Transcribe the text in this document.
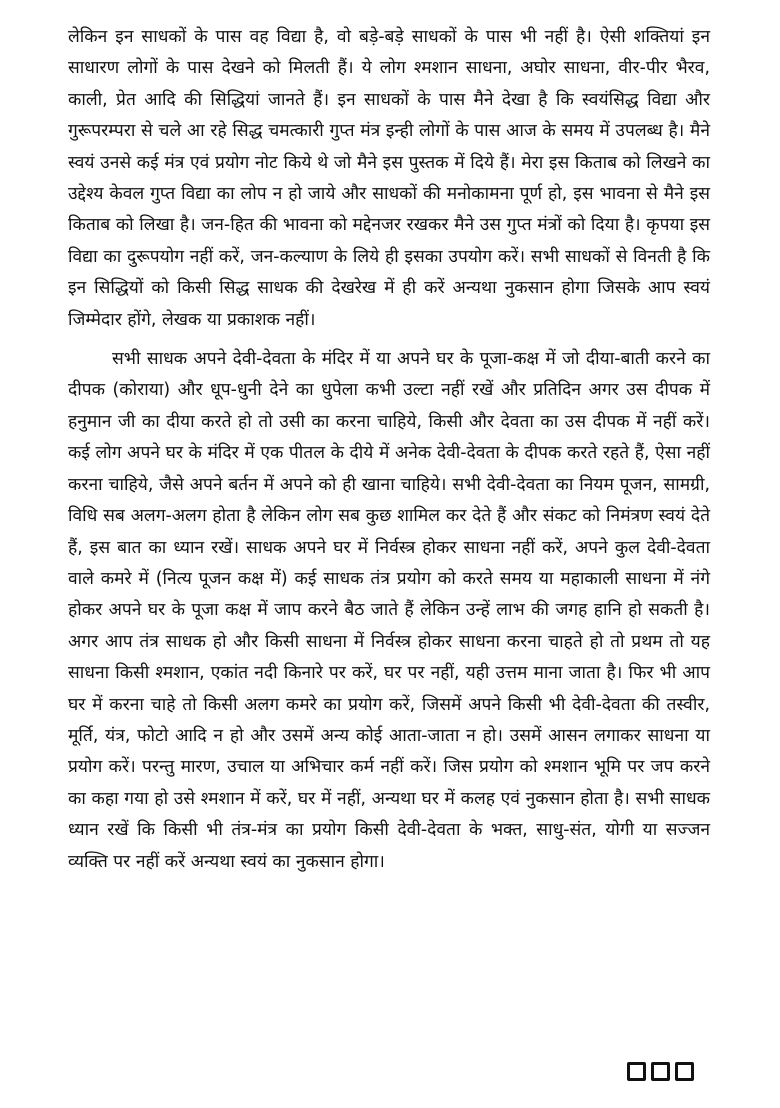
लेकिन इन साधकों के पास वह विद्या है, वो बड़े-बड़े साधकों के पास भी नहीं है। ऐसी शक्तियां इन साधारण लोगों के पास देखने को मिलती हैं। ये लोग श्मशान साधना, अघोर साधना, वीर-पीर भैरव, काली, प्रेत आदि की सिद्धियां जानते हैं। इन साधकों के पास मैने देखा है कि स्वयंसिद्ध विद्या और गुरूपरम्परा से चले आ रहे सिद्ध चमत्कारी गुप्त मंत्र इन्ही लोगों के पास आज के समय में उपलब्ध है। मैने स्वयं उनसे कई मंत्र एवं प्रयोग नोट किये थे जो मैने इस पुस्तक में दिये हैं। मेरा इस किताब को लिखने का उद्देश्य केवल गुप्त विद्या का लोप न हो जाये और साधकों की मनोकामना पूर्ण हो, इस भावना से मैने इस किताब को लिखा है। जन-हित की भावना को मद्देनजर रखकर मैने उस गुप्त मंत्रों को दिया है। कृपया इस विद्या का दुरूपयोग नहीं करें, जन-कल्याण के लिये ही इसका उपयोग करें। सभी साधकों से विनती है कि इन सिद्धियों को किसी सिद्ध साधक की देखरेख में ही करें अन्यथा नुकसान होगा जिसके आप स्वयं जिम्मेदार होंगे, लेखक या प्रकाशक नहीं।

सभी साधक अपने देवी-देवता के मंदिर में या अपने घर के पूजा-कक्ष में जो दीया-बाती करने का दीपक (कोराया) और धूप-धुनी देने का धुपेला कभी उल्टा नहीं रखें और प्रतिदिन अगर उस दीपक में हनुमान जी का दीया करते हो तो उसी का करना चाहिये, किसी और देवता का उस दीपक में नहीं करें। कई लोग अपने घर के मंदिर में एक पीतल के दीये में अनेक देवी-देवता के दीपक करते रहते हैं, ऐसा नहीं करना चाहिये, जैसे अपने बर्तन में अपने को ही खाना चाहिये। सभी देवी-देवता का नियम पूजन, सामग्री, विधि सब अलग-अलग होता है लेकिन लोग सब कुछ शामिल कर देते हैं और संकट को निमंत्रण स्वयं देते हैं, इस बात का ध्यान रखें। साधक अपने घर में निर्वस्त्र होकर साधना नहीं करें, अपने कुल देवी-देवता वाले कमरे में (नित्य पूजन कक्ष में) कई साधक तंत्र प्रयोग को करते समय या महाकाली साधना में नंगे होकर अपने घर के पूजा कक्ष में जाप करने बैठ जाते हैं लेकिन उन्हें लाभ की जगह हानि हो सकती है। अगर आप तंत्र साधक हो और किसी साधना में निर्वस्त्र होकर साधना करना चाहते हो तो प्रथम तो यह साधना किसी श्मशान, एकांत नदी किनारे पर करें, घर पर नहीं, यही उत्तम माना जाता है। फिर भी आप घर में करना चाहे तो किसी अलग कमरे का प्रयोग करें, जिसमें अपने किसी भी देवी-देवता की तस्वीर, मूर्ति, यंत्र, फोटो आदि न हो और उसमें अन्य कोई आता-जाता न हो। उसमें आसन लगाकर साधना या प्रयोग करें। परन्तु मारण, उचाल या अभिचार कर्म नहीं करें। जिस प्रयोग को श्मशान भूमि पर जप करने का कहा गया हो उसे श्मशान में करें, घर में नहीं, अन्यथा घर में कलह एवं नुकसान होता है। सभी साधक ध्यान रखें कि किसी भी तंत्र-मंत्र का प्रयोग किसी देवी-देवता के भक्त, साधु-संत, योगी या सज्जन व्यक्ति पर नहीं करें अन्यथा स्वयं का नुकसान होगा।
